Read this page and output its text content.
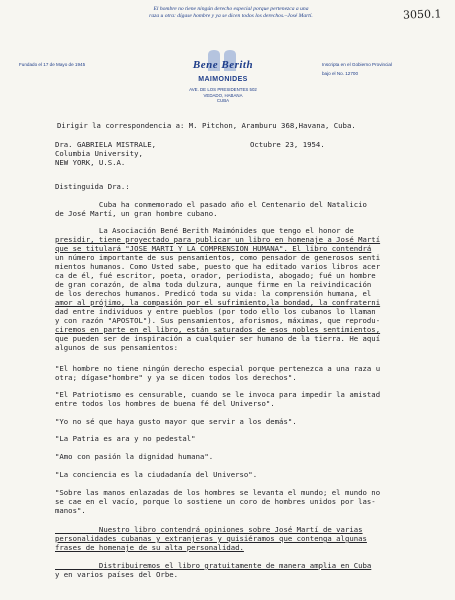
3050.1
El hombre no tiene ningún derecho especial porque pertenezca a una
raza u otra: dígase hombre y ya se dicen todos los derechos.–José Martí.
Fundado el 17 de Mayo de 1945	Inscripta en el Gobierno Provincial
bajo el No. 12700
Bene Berith
MAIMONIDES
AVE. DE LOS PRESIDENTES 502
VEDADO, HABANA
CUBA
Dirigir la correspondencia a: M. Pitchon, Aramburu 368,Havana, Cuba.
Dra. GABRIELA MISTRALE,
Columbia University,
NEW YORK, U.S.A.
Octubre 23, 1954.
Distinguida Dra.:
Cuba ha conmemorado el pasado año el Centenario del Natalicio
de José Martí, un gran hombre cubano.
La Asociación Bené Berith Maimónides que tengo el honor de
presidir, tiene proyectado para publicar un libro en homenaje a José Martí
que se titulará "JOSE MARTI Y LA COMPRENSION HUMANA". El libro contendrá
un número importante de sus pensamientos, como pensador de generosos senti
mientos humanos. Como Usted sabe, puesto que ha editado varios libros acer
ca de él, fué escritor, poeta, orador, periodista, abogado; fué un hombre
de gran corazón, de alma toda dulzura, aunque firme en la reivindicación
de los derechos humanos. Predicó toda su vida: la comprensión humana, el
amor al prójimo, la compasión por el sufrimiento,la bondad, la confraterni
dad entre individuos y entre pueblos (por todo ello los cubanos lo llaman
y con razón "APOSTOL"). Sus pensamientos, aforismos, máximas, que reprodu-
ciremos en parte en el libro, están saturados de esos nobles sentimientos,
que pueden ser de inspiración a cualquier ser humano de la tierra. He aquí
algunos de sus pensamientos:
"El hombre no tiene ningún derecho especial porque pertenezca a una raza u
otra; dígase"hombre" y ya se dicen todos los derechos".
"El Patriotismo es censurable, cuando se le invoca para impedir la amistad
entre todos los hombres de buena fé del Universo".
"Yo no sé que haya gusto mayor que servir a los demás".
"La Patria es ara y no pedestal"
"Amo con pasión la dignidad humana".
"La conciencia es la ciudadanía del Universo".
"Sobre las manos enlazadas de los hombres se levanta el mundo; el mundo no
se cae en el vacío, porque lo sostiene un coro de hombres unidos por las-
manos".
Nuestro libro contendrá opiniones sobre José Martí de varias
personalidades cubanas y extranjeras y quisiéramos que contenga algunas
frases de homenaje de su alta personalidad.
Distribuiremos el libro gratuitamente de manera amplia en Cuba
y en varios países del Orbe.
